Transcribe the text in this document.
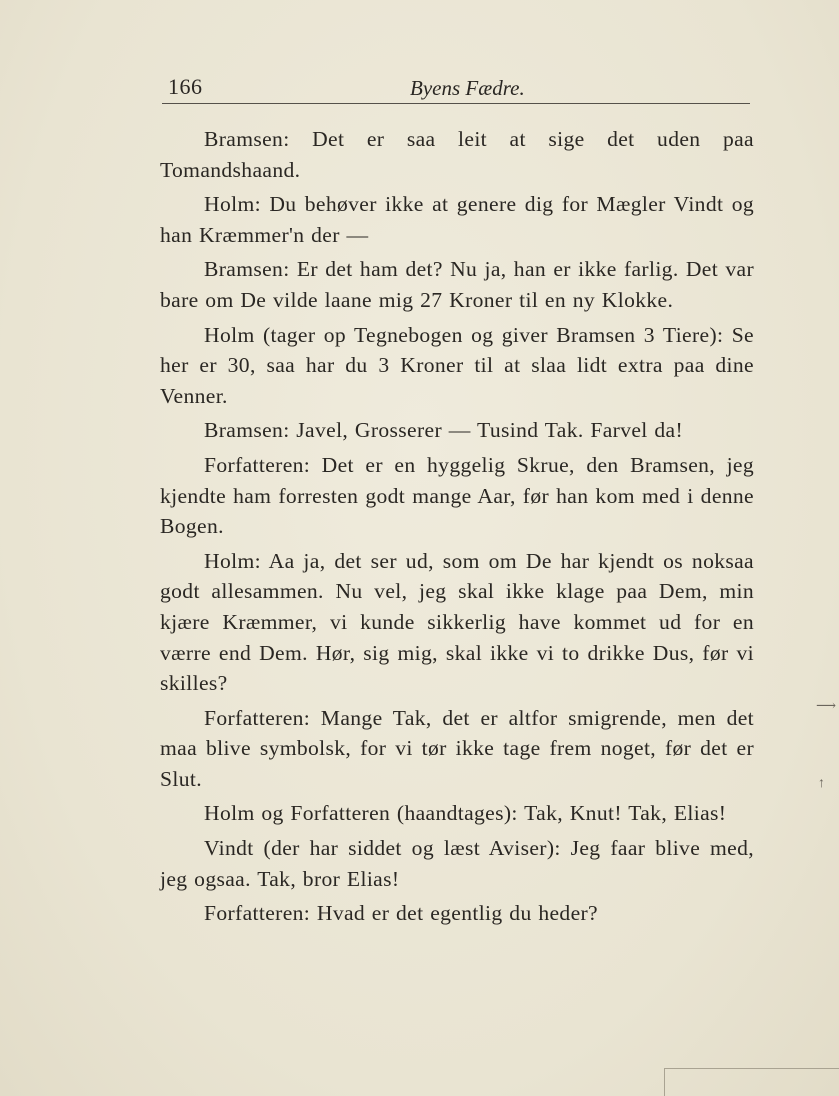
166	Byens Fædre.

Bramsen: Det er saa leit at sige det uden paa Tomandshaand.

Holm: Du behøver ikke at genere dig for Mægler Vindt og han Kræmmer'n der —

Bramsen: Er det ham det? Nu ja, han er ikke farlig. Det var bare om De vilde laane mig 27 Kroner til en ny Klokke.

Holm (tager op Tegnebogen og giver Bramsen 3 Tiere): Se her er 30, saa har du 3 Kroner til at slaa lidt extra paa dine Venner.

Bramsen: Javel, Grosserer — Tusind Tak. Farvel da!

Forfatteren: Det er en hyggelig Skrue, den Bramsen, jeg kjendte ham forresten godt mange Aar, før han kom med i denne Bogen.

Holm: Aa ja, det ser ud, som om De har kjendt os noksaa godt allesammen. Nu vel, jeg skal ikke klage paa Dem, min kjære Kræmmer, vi kunde sikkerlig have kommet ud for en værre end Dem. Hør, sig mig, skal ikke vi to drikke Dus, før vi skilles?

Forfatteren: Mange Tak, det er altfor smigrende, men det maa blive symbolsk, for vi tør ikke tage frem noget, før det er Slut.

Holm og Forfatteren (haandtages): Tak, Knut! Tak, Elias!

Vindt (der har siddet og læst Aviser): Jeg faar blive med, jeg ogsaa. Tak, bror Elias!

Forfatteren: Hvad er det egentlig du heder?

⟶
↑
